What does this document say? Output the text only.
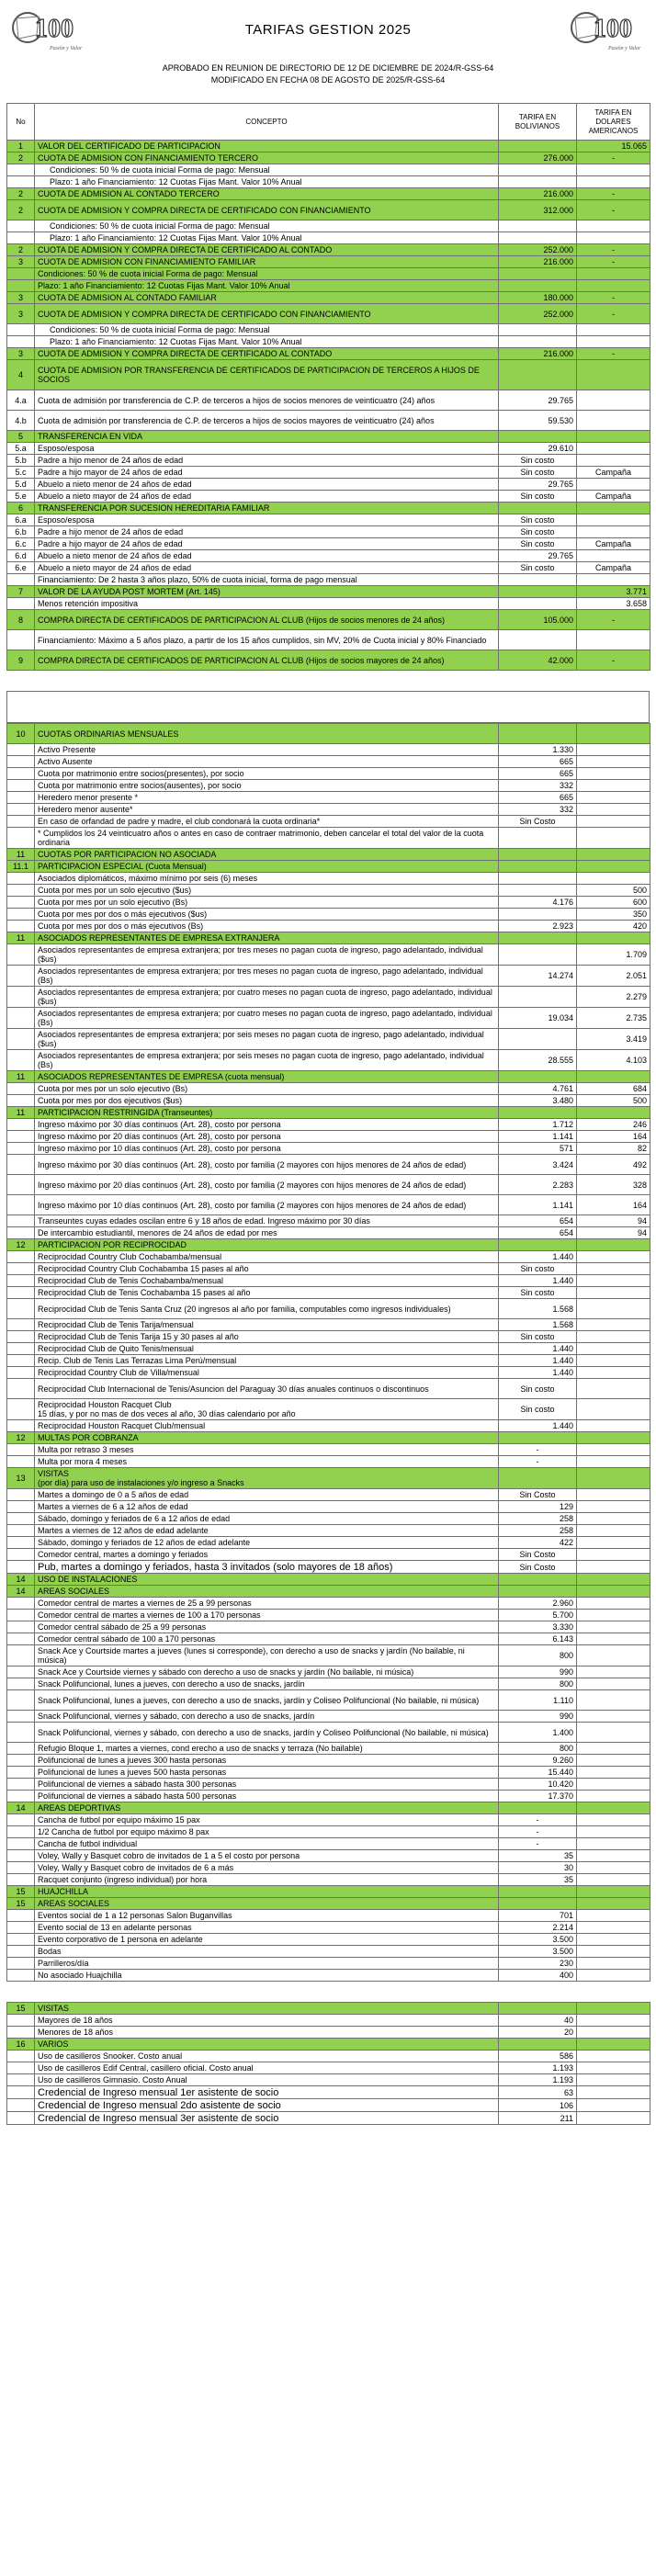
100
Pasión y Valor
TARIFAS GESTION 2025	100
Pasión y Valor
APROBADO EN REUNION DE DIRECTORIO DE 12 DE DICIEMBRE DE 2024/R-GSS-64
MODIFICADO EN FECHA 08 DE AGOSTO DE 2025/R-GSS-64
No	CONCEPTO	TARIFA EN BOLIVIANOS	TARIFA EN DOLARES AMERICANOS
1	VALOR DEL CERTIFICADO DE PARTICIPACION		15.065
2	CUOTA DE ADMISION CON FINANCIAMIENTO TERCERO	276.000	-
	Condiciones: 50 % de cuota inicial Forma de pago: Mensual		
	Plazo: 1 año Financiamiento: 12 Cuotas Fijas Mant. Valor 10% Anual		
2	CUOTA DE ADMISION AL CONTADO TERCERO	216.000	-
2	CUOTA DE ADMISION Y COMPRA DIRECTA DE CERTIFICADO CON FINANCIAMIENTO	312.000	-
	Condiciones: 50 % de cuota inicial Forma de pago: Mensual		
	Plazo: 1 año Financiamiento: 12 Cuotas Fijas Mant. Valor 10% Anual		
2	CUOTA DE ADMISION Y COMPRA DIRECTA DE CERTIFICADO AL CONTADO	252.000	-
3	CUOTA DE ADMISION CON FINANCIAMIENTO FAMILIAR	216.000	-
	Condiciones: 50 % de cuota inicial Forma de pago: Mensual		
	Plazo: 1 año Financiamiento: 12 Cuotas Fijas Mant. Valor 10% Anual		
3	CUOTA DE ADMISION AL CONTADO FAMILIAR	180.000	-
3	CUOTA DE ADMISION Y COMPRA DIRECTA DE CERTIFICADO CON FINANCIAMIENTO	252.000	-
	Condiciones: 50 % de cuota inicial Forma de pago: Mensual		
	Plazo: 1 año Financiamiento: 12 Cuotas Fijas Mant. Valor 10% Anual		
3	CUOTA DE ADMISION Y COMPRA DIRECTA DE CERTIFICADO AL CONTADO	216.000	-
4	CUOTA DE ADMISION POR TRANSFERENCIA DE CERTIFICADOS DE PARTICIPACION DE TERCEROS A HIJOS DE SOCIOS		
4.a	Cuota de admisión por transferencia de C.P. de terceros a hijos de socios menores de veinticuatro (24) años	29.765	
4.b	Cuota de admisión por transferencia de C.P. de terceros a hijos de socios mayores de veinticuatro (24) años	59.530	
5	TRANSFERENCIA EN VIDA		
5.a	Esposo/esposa	29.610	
5.b	Padre a hijo menor de 24 años de edad	Sin costo	
5.c	Padre a hijo mayor de 24 años de edad	Sin costo	Campaña
5.d	Abuelo a nieto menor de 24 años de edad	29.765	
5.e	Abuelo a nieto mayor de 24 años de edad	Sin costo	Campaña
6	TRANSFERENCIA POR SUCESION HEREDITARIA FAMILIAR		
6.a	Esposo/esposa	Sin costo	
6.b	Padre a hijo menor de 24 años de edad	Sin costo	
6.c	Padre a hijo mayor de 24 años de edad	Sin costo	Campaña
6.d	Abuelo a nieto menor de 24 años de edad	29.765	
6.e	Abuelo a nieto mayor de 24 años de edad	Sin costo	Campaña
	Financiamiento: De 2 hasta 3 años plazo, 50% de cuota inicial, forma de pago mensual		
7	VALOR DE LA AYUDA POST MORTEM (Art. 145)		3.771
	Menos retención impositiva		3.658
8	COMPRA DIRECTA DE CERTIFICADOS DE PARTICIPACION AL CLUB (Hijos de socios menores de 24 años)	105.000	-
	Financiamiento: Máximo a 5 años plazo, a partir de los 15 años cumplidos, sin MV, 20% de Cuota inicial y 80% Financiado		
9	COMPRA DIRECTA DE CERTIFICADOS DE PARTICIPACION AL CLUB (Hijos de socios mayores de 24 años)	42.000	-
10	CUOTAS ORDINARIAS MENSUALES		
	Activo Presente	1.330	
	Activo Ausente	665	
	Cuota por matrimonio entre socios(presentes), por socio	665	
	Cuota por matrimonio entre socios(ausentes), por socio	332	
	Heredero menor presente *	665	
	Heredero menor ausente*	332	
	En caso de orfandad de padre y madre, el club condonará la cuota ordinaria*	Sin Costo	
	* Cumplidos los 24 veinticuatro años o antes en caso de contraer matrimonio, deben cancelar el total del valor de la cuota ordinaria		
11	CUOTAS POR PARTICIPACION NO ASOCIADA		
11.1	PARTICIPACION ESPECIAL (Cuota Mensual)		
	Asociados diplomáticos, máximo mínimo por seis (6) meses		
	Cuota por mes por un solo ejecutivo ($us)		500
	Cuota por mes por un solo ejecutivo (Bs)	4.176	600
	Cuota por mes por dos o más ejecutivos ($us)		350
	Cuota por mes por dos o más ejecutivos (Bs)	2.923	420
11	ASOCIADOS REPRESENTANTES DE EMPRESA EXTRANJERA		
	Asociados representantes de empresa extranjera; por tres meses no pagan cuota de ingreso, pago adelantado, individual ($us)		1.709
	Asociados representantes de empresa extranjera; por tres meses no pagan cuota de ingreso, pago adelantado, individual (Bs)	14.274	2.051
	Asociados representantes de empresa extranjera; por cuatro meses no pagan cuota de ingreso, pago adelantado, individual ($us)		2.279
	Asociados representantes de empresa extranjera; por cuatro meses no pagan cuota de ingreso, pago adelantado, individual (Bs)	19.034	2.735
	Asociados representantes de empresa extranjera; por seis meses no pagan cuota de ingreso, pago adelantado, individual ($us)		3.419
	Asociados representantes de empresa extranjera; por seis meses no pagan cuota de ingreso, pago adelantado, individual (Bs)	28.555	4.103
11	ASOCIADOS REPRESENTANTES DE EMPRESA (cuota mensual)		
	Cuota por mes por un solo ejecutivo (Bs)	4.761	684
	Cuota por mes por dos ejecutivos ($us)	3.480	500
11	PARTICIPACION RESTRINGIDA (Transeuntes)		
	Ingreso máximo por 30 días continuos (Art. 28), costo por persona	1.712	246
	Ingreso máximo por 20 días continuos (Art. 28), costo por persona	1.141	164
	Ingreso máximo por 10 días continuos (Art. 28), costo por persona	571	82
	Ingreso máximo por 30 días continuos (Art. 28), costo por familia (2 mayores con hijos menores de 24 años de edad)	3.424	492
	Ingreso máximo por 20 días continuos (Art. 28), costo por familia (2 mayores con hijos menores de 24 años de edad)	2.283	328
	Ingreso máximo por 10 días continuos (Art. 28), costo por familia (2 mayores con hijos menores de 24 años de edad)	1.141	164
	Transeuntes cuyas edades oscilan entre 6 y 18 años de edad. Ingreso máximo por 30 días	654	94
	De intercambio estudiantil, menores de 24 años de edad por mes	654	94
12	PARTICIPACION POR RECIPROCIDAD		
	Reciprocidad Country Club Cochabamba/mensual	1.440	
	Reciprocidad Country Club Cochabamba 15 pases al año	Sin costo	
	Reciprocidad Club de Tenis Cochabamba/mensual	1.440	
	Reciprocidad Club de Tenis Cochabamba 15 pases al año	Sin costo	
	Reciprocidad Club de Tenis Santa Cruz (20 ingresos al año por familia, computables como ingresos individuales)	1.568	
	Reciprocidad Club de Tenis Tarija/mensual	1.568	
	Reciprocidad Club de Tenis Tarija 15 y 30 pases al año	Sin costo	
	Reciprocidad Club de Quito Tenis/mensual	1.440	
	Recip. Club de Tenis Las Terrazas Lima Perú/mensual	1.440	
	Reciprocidad Country Club de Villa/mensual	1.440	
	Reciprocidad Club Internacional de Tenis/Asuncion del Paraguay 30 días anuales continuos o discontinuos	Sin costo	
	Reciprocidad Houston Racquet Club
15 días, y por no mas de dos veces al año, 30 días calendario por año	Sin costo	
	Reciprocidad Houston Racquet Club/mensual	1.440	
12	MULTAS POR COBRANZA		
	Multa por retraso 3 meses	-	
	Multa por mora 4 meses	-	
13	VISITAS
(por día) para uso de instalaciones y/o ingreso a Snacks		
	Martes a domingo de 0 a 5 años de edad	Sin Costo	
	Martes a viernes de 6 a 12 años de edad	129	
	Sábado, domingo y feriados de 6 a 12 años de edad	258	
	Martes a viernes de 12 años de edad adelante	258	
	Sábado, domingo y feriados de 12 años de edad adelante	422	
	Comedor central, martes a domingo y feriados	Sin Costo	
	Pub, martes a domingo y feriados, hasta 3 invitados (solo mayores de 18 años)	Sin Costo	
14	USO DE INSTALACIONES		
14	AREAS SOCIALES		
	Comedor central de martes a viernes de 25 a 99 personas	2.960	
	Comedor central de martes a viernes de 100 a 170 personas	5.700	
	Comedor central sábado de 25 a 99 personas	3.330	
	Comedor central sábado de 100 a 170 personas	6.143	
	Snack Ace y Courtside martes a jueves (lunes si corresponde), con derecho a uso de snacks y jardín (No bailable, ni música)	800	
	Snack Ace y Courtside viernes y sábado con derecho a uso de snacks y jardín (No bailable, ni música)	990	
	Snack Polifuncional, lunes a jueves, con derecho a uso de snacks, jardín	800	
	Snack Polifuncional, lunes a jueves, con derecho a uso de snacks, jardín y Coliseo Polifuncional (No bailable, ni música)	1.110	
	Snack Polifuncional, viernes y sábado, con derecho a uso de snacks, jardín	990	
	Snack Polifuncional, viernes y sábado, con derecho a uso de snacks, jardín y Coliseo Polifuncional (No bailable, ni música)	1.400	
	Refugio Bloque 1, martes a viernes, cond erecho a uso de snacks y terraza (No bailable)	800	
	Polifuncional de lunes a jueves 300 hasta personas	9.260	
	Polifuncional de lunes a jueves 500 hasta personas	15.440	
	Polifuncional de viernes a sábado hasta 300 personas	10.420	
	Polifuncional de viernes a sábado hasta 500 personas	17.370	
14	AREAS DEPORTIVAS		
	Cancha de futbol por equipo máximo 15 pax	-	
	1/2 Cancha de futbol por equipo máximo 8 pax	-	
	Cancha de futbol individual	-	
	Voley, Wally y Basquet cobro de invitados de 1 a 5 el costo por persona	35	
	Voley, Wally y Basquet cobro de invitados de 6 a más	30	
	Racquet conjunto (ingreso individual) por hora	35	
15	HUAJCHILLA		
15	AREAS SOCIALES		
	Eventos social de 1 a 12 personas Salon Buganvillas	701	
	Evento social de 13 en adelante personas	2.214	
	Evento corporativo de 1 persona en adelante	3.500	
	Bodas	3.500	
	Parrilleros/día	230	
	No asociado Huajchilla	400	
15	VISITAS		
	Mayores de 18 años	40	
	Menores de 18 años	20	
16	VARIOS		
	Uso de casilleros Snooker. Costo anual	586	
	Uso de casilleros Edif Central, casillero oficial. Costo anual	1.193	
	Uso de casilleros Gimnasio. Costo Anual	1.193	
	Credencial de Ingreso mensual 1er asistente de socio	63	
	Credencial de Ingreso mensual 2do asistente de socio	106	
	Credencial de Ingreso mensual 3er asistente de socio	211	
